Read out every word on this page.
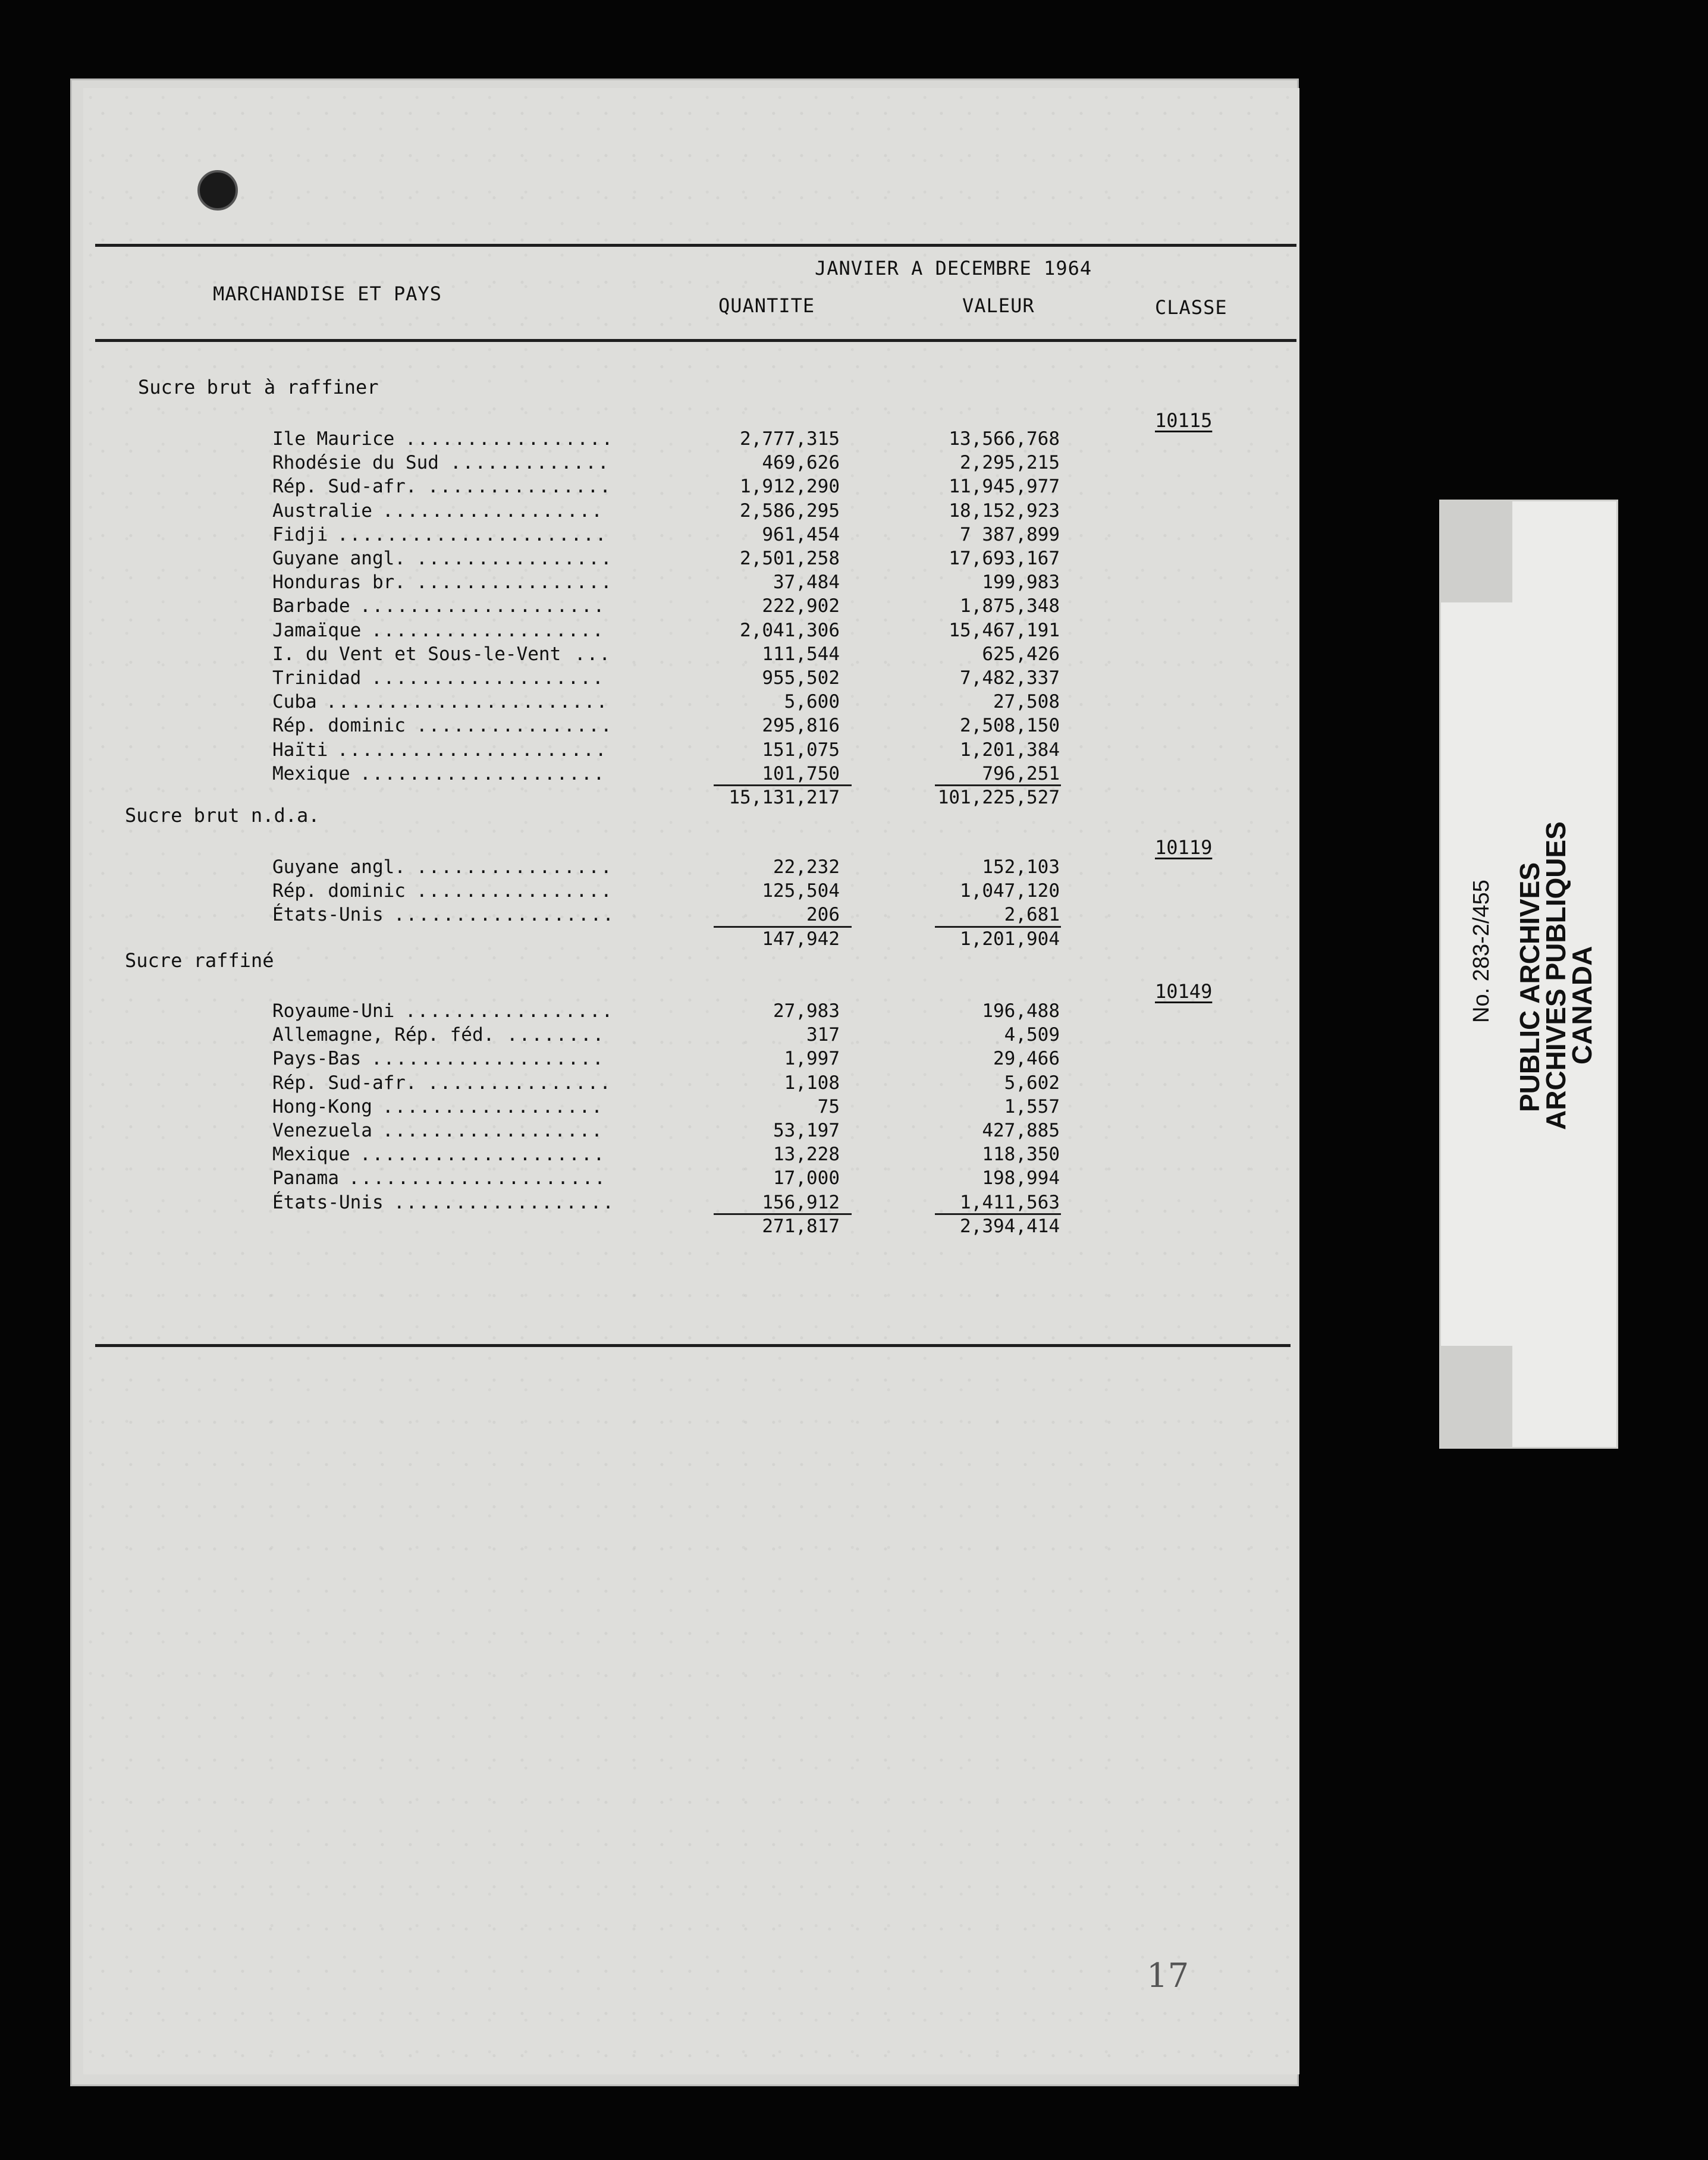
JANVIER A DECEMBRE 1964
MARCHANDISE ET PAYS
QUANTITE	VALEUR	CLASSE
Sucre brut à raffiner
10115
Ile Maurice .................	2,777,315	13,566,768
Rhodésie du Sud .............	469,626	2,295,215
Rép. Sud-afr. ...............	1,912,290	11,945,977
Australie ..................	2,586,295	18,152,923
Fidji ......................	961,454	7 387,899
Guyane angl. ................	2,501,258	17,693,167
Honduras br. ................	37,484	199,983
Barbade ....................	222,902	1,875,348
Jamaïque ...................	2,041,306	15,467,191
I. du Vent et Sous-le-Vent ...	111,544	625,426
Trinidad ...................	955,502	7,482,337
Cuba .......................	5,600	27,508
Rép. dominic ................	295,816	2,508,150
Haïti ......................	151,075	1,201,384
Mexique ....................	101,750	796,251
15,131,217	101,225,527
Sucre brut n.d.a.
10119
Guyane angl. ................	22,232	152,103
Rép. dominic ................	125,504	1,047,120
États-Unis ..................	206	2,681
147,942	1,201,904
Sucre raffiné
10149
Royaume-Uni .................	27,983	196,488
Allemagne, Rép. féd. ........	317	4,509
Pays-Bas ...................	1,997	29,466
Rép. Sud-afr. ...............	1,108	5,602
Hong-Kong ..................	75	1,557
Venezuela ..................	53,197	427,885
Mexique ....................	13,228	118,350
Panama .....................	17,000	198,994
États-Unis ..................	156,912	1,411,563
271,817	2,394,414
17
No. 283-2/455 PUBLIC ARCHIVES
ARCHIVES PUBLIQUES
CANADA
